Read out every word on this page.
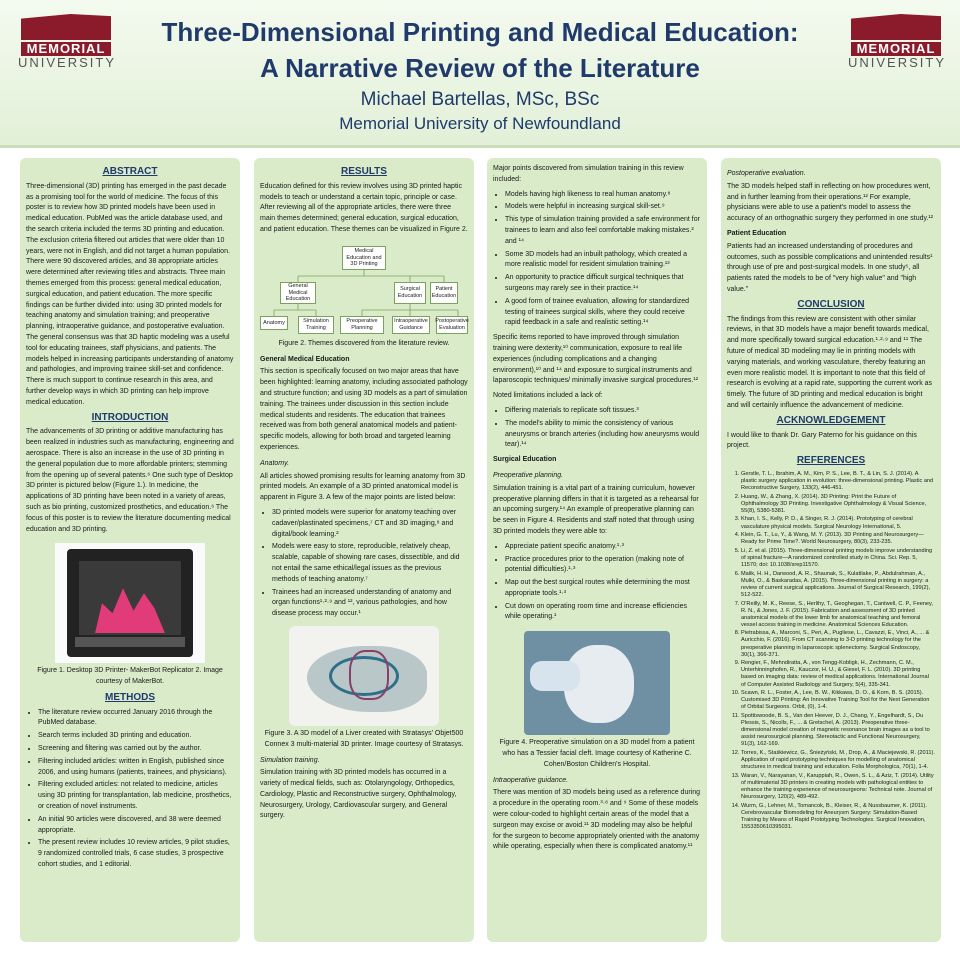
MEMORIAL
UNIVERSITY
Three-Dimensional Printing and Medical Education:
A Narrative Review of the Literature
Michael Bartellas, MSc, BSc
Memorial University of Newfoundland
MEMORIAL
UNIVERSITY
ABSTRACT

Three-dimensional (3D) printing has emerged in the past decade as a promising tool for the world of medicine. The focus of this poster is to review how 3D printed models have been used in medical education. PubMed was the article database used, and the search criteria included the terms 3D printing and education. The exclusion criteria filtered out articles that were older than 10 years, were not in English, and did not target a human population. There were 90 discovered articles, and 38 appropriate articles were determined after reviewing titles and abstracts. Three main themes emerged from this process: general medical education, surgical education, and patient education. The more specific findings can be further divided into: using 3D printed models for teaching anatomy and simulation training; and preoperative planning, intraoperative guidance, and postoperative evaluation. The general consensus was that 3D haptic modeling was a useful tool for educating trainees, staff physicians, and patients. The models helped in increasing participants understanding of anatomy and pathologies, and improving trainee skill-set and confidence. There is much support to continue research in this area, and further develop ways in which 3D printing can help improve medical education.

INTRODUCTION

The advancements of 3D printing or additive manufacturing has been realized in industries such as manufacturing, engineering and aerospace. There is also an increase in the use of 3D printing in the general population due to more affordable printers; stemming from the opening up of several patents.⁶ One such type of Desktop 3D printer is pictured below (Figure 1.). In medicine, the applications of 3D printing have been noted in a variety of areas, such as bio printing, customized prosthetics, and education.⁶ The focus of this poster is to review the literature documenting medical education and 3D printing.

Figure 1. Desktop 3D Printer- MakerBot Replicator 2. Image courtesy of MakerBot.
METHODS
• The literature review occurred January 2016 through the PubMed database.
• Search terms included 3D printing and education.
• Screening and filtering was carried out by the author.
• Filtering included articles: written in English, published since 2006, and using humans (patients, trainees, and physicians).
• Filtering excluded articles: not related to medicine, articles using 3D printing for transplantation, lab medicine, prosthetics, or creation of novel instruments.
• An initial 90 articles were discovered, and 38 were deemed appropriate.
• The present review includes 10 review articles, 9 pilot studies, 9 randomized controlled trials, 6 case studies, 3 prospective cohort studies, and 1 editorial.
RESULTS

Education defined for this review involves using 3D printed haptic models to teach or understand a certain topic, principle or case. After reviewing all of the appropriate articles, there were three main themes determined; general education, surgical education, and patient education. These themes can be visualized in Figure 2.

Medical Education and 3D Printing
General Medical Education
Surgical Education
Patient Education
Anatomy	Simulation Training
Preoperative Planning
Intraoperative Guidance
Postoperative Evaluation
Figure 2. Themes discovered from the literature review.
General Medical Education

This section is specifically focused on two major areas that have been highlighted: learning anatomy, including associated pathology and structure function; and using 3D models as a part of simulation training. The trainees under discussion in this section include medical students and residents. The education that trainees received was from both general anatomical models and patient-specific models, allowing for both broad and targeted learning experiences.

Anatomy.

All articles showed promising results for learning anatomy from 3D printed models. An example of a 3D printed anatomical model is apparent in Figure 3. A few of the major points are listed below:

• 3D printed models were superior for anatomy teaching over cadaver/plastinated specimens,⁷ CT and 3D imaging,⁸ and digital/book learning.²
• Models were easy to store, reproducible, relatively cheap, scalable, capable of showing rare cases, dissectible, and did not entail the same ethical/legal issues as the previous methods of teaching anatomy.⁷
• Trainees had an increased understanding of anatomy and organ functions¹·²·⁹ and ¹², various pathologies, and how disease process may occur.¹
Figure 3. A 3D model of a Liver created with Stratasys' Objet500 Connex 3 multi-material 3D printer. Image courtesy of Stratasys.
Simulation training.

Simulation training with 3D printed models has occurred in a variety of medical fields, such as: Otolaryngology, Orthopedics, Cardiology, Plastic and Reconstructive surgery, Ophthalmology, Neurosurgery, Urology, Cardiovascular surgery, and General surgery.

Major points discovered from simulation training in this review included:

• Models having high likeness to real human anatomy.⁸
• Models were helpful in increasing surgical skill-set.⁹
• This type of simulation training provided a safe environment for trainees to learn and also feel comfortable making mistakes.² and ¹⁴
• Some 3D models had an inbuilt pathology, which created a more realistic model for resident simulation training.¹³
• An opportunity to practice difficult surgical techniques that surgeons may rarely see in their practice.¹⁴
• A good form of trainee evaluation, allowing for standardized testing of trainees surgical skills, where they could receive rapid feedback in a safe and realistic setting.¹⁴

Specific items reported to have improved through simulation training were dexterity,¹⁰ communication, exposure to real life experiences (including complications and a changing environment),¹⁰ and ¹⁴ and exposure to surgical instruments and laparoscopic techniques/ minimally invasive surgical procedures.¹²

Noted limitations included a lack of:

• Differing materials to replicate soft tissues.³
• The model's ability to mimic the consistency of various aneurysms or branch arteries (including how aneurysms would tear).¹⁴
Surgical Education
Preoperative planning.

Simulation training is a vital part of a training curriculum, however preoperative planning differs in that it is targeted as a rehearsal for an upcoming surgery.¹⁴ An example of preoperative planning can be seen in Figure 4. Residents and staff noted that through using 3D printed models they were able to:

• Appreciate patient specific anatomy.¹·³
• Practice procedures prior to the operation (making note of potential difficulties).¹·³
• Map out the best surgical routes while determining the most appropriate tools.¹·³
• Cut down on operating room time and increase efficiencies while operating.¹
Figure 4. Preoperative simulation on a 3D model from a patient who has a Tessier facial cleft. Image courtesy of Katherine C. Cohen/Boston Children's Hospital.
Intraoperative guidance.

There was mention of 3D models being used as a reference during a procedure in the operating room.³·⁸ and ⁹ Some of these models were colour-coded to highlight certain areas of the model that a surgeon may excise or avoid.¹¹ 3D modeling may also be helpful for the surgeon to become appropriately oriented with the anatomy while operating, especially when there is complicated anatomy.¹¹

Postoperative evaluation.

The 3D models helped staff in reflecting on how procedures went, and in further learning from their operations.¹² For example, physicians were able to use a patient's model to assess the accuracy of an orthognathic surgery they performed in one study.¹²

Patient Education

Patients had an increased understanding of procedures and outcomes, such as possible complications and unintended results¹ through use of pre and post-surgical models. In one study⁵, all patients rated the models to be of "very high value" and "high value."

CONCLUSION

The findings from this review are consistent with other similar reviews, in that 3D models have a major benefit towards medical, and more specifically toward surgical education.¹·²·⁹ and ¹¹ The future of medical 3D modeling may lie in printing models with varying materials, and working vasculature, thereby featuring an even more realistic model. It is important to note that this field of research is evolving at a rapid rate, supporting the current work as timely. The future of 3D printing and medical education is bright and will certainly influence the advancement of medicine.

ACKNOWLEDGEMENT

I would like to thank Dr. Gary Paterno for his guidance on this project.

REFERENCES
1. Gerstle, T. L., Ibrahim, A. M., Kim, P. S., Lee, B. T., & Lin, S. J. (2014). A plastic surgery application in evolution: three-dimensional printing. Plastic and Reconstructive Surgery, 133(2), 446-451.
2. Huang, W., & Zhang, X. (2014). 3D Printing: Print the Future of Ophthalmology 3D Printing. Investigative Ophthalmology & Visual Science, 55(8), 5380-5381.
3. Khan, I. S., Kelly, P. D., & Singer, R. J. (2014). Prototyping of cerebral vasculature physical models. Surgical Neurology International, 5.
4. Klein, G. T., Lu, Y., & Wang, M. Y. (2013). 3D Printing and Neurosurgery—Ready for Prime Time?. World Neurosurgery, 80(3), 233-235.
5. Li, Z. et al. (2015). Three-dimensional printing models improve understanding of spinal fracture—A randomized controlled study in China. Sci. Rep. 5, 11570; doi: 10.1038/srep11570.
6. Malik, H. H., Darwood, A. R., Shaunak, S., Kulatilake, P., Abdulrahman, A., Mulki, O., & Baskaradas, A. (2015). Three-dimensional printing in surgery: a review of current surgical applications. Journal of Surgical Research, 199(2), 512-522.
7. O'Reilly, M. K., Reese, S., Herlihy, T., Geoghegan, T., Cantwell, C. P., Feeney, R. N., & Jones, J. F. (2015). Fabrication and assessment of 3D printed anatomical models of the lower limb for anatomical teaching and femoral vessel access training in medicine. Anatomical Sciences Education.
8. Pietrabissa, A., Marconi, S., Peri, A., Pugliese, L., Cavazzi, E., Vinci, A., ... & Auricchio, F. (2016). From CT scanning to 3-D printing technology for the preoperative planning in laparoscopic splenectomy. Surgical Endoscopy, 30(1), 366-371.
9. Rengier, F., Mehndiratta, A., von Tengg-Kobligk, H., Zechmann, C. M., Unterhinninghofen, R., Kauczor, H. U., & Giesel, F. L. (2010). 3D printing based on imaging data: review of medical applications. International Journal of Computer Assisted Radiology and Surgery, 5(4), 335-341.
10. Scawn, R. L., Foster, A., Lee, B. W., Kikkawa, D. O., & Korn, B. S. (2015). Customised 3D Printing: An Innovative Training Tool for the Next Generation of Orbital Surgeons. Orbit, (0), 1-4.
11. Spottiswoode, B. S., Van den Heever, D. J., Chang, Y., Engelhardt, S., Du Plessis, S., Nicolls, F., ... & Gretschel, A. (2013). Preoperative three-dimensional model creation of magnetic resonance brain images as a tool to assist neurosurgical planning. Stereotactic and Functional Neurosurgery, 91(3), 162-169.
12. Torres, K., Staśkiewicz, G., Śnieżyński, M., Drop, A., & Maciejewski, R. (2011). Application of rapid prototyping techniques for modelling of anatomical structures in medical training and education. Folia Morphologica, 70(1), 1-4.
13. Waran, V., Narayanan, V., Karuppiah, R., Owen, S. L., & Aziz, T. (2014). Utility of multimaterial 3D printers in creating models with pathological entities to enhance the training experience of neurosurgeons: Technical note. Journal of Neurosurgery, 120(2), 489-492.
14. Wurm, G., Lehner, M., Tomancok, B., Kleiser, R., & Nussbaumer, K. (2011). Cerebrovascular Biomodeling for Aneurysm Surgery: Simulation-Based Training by Means of Rapid Prototyping Technologies. Surgical Innovation, 1553350610395031.
